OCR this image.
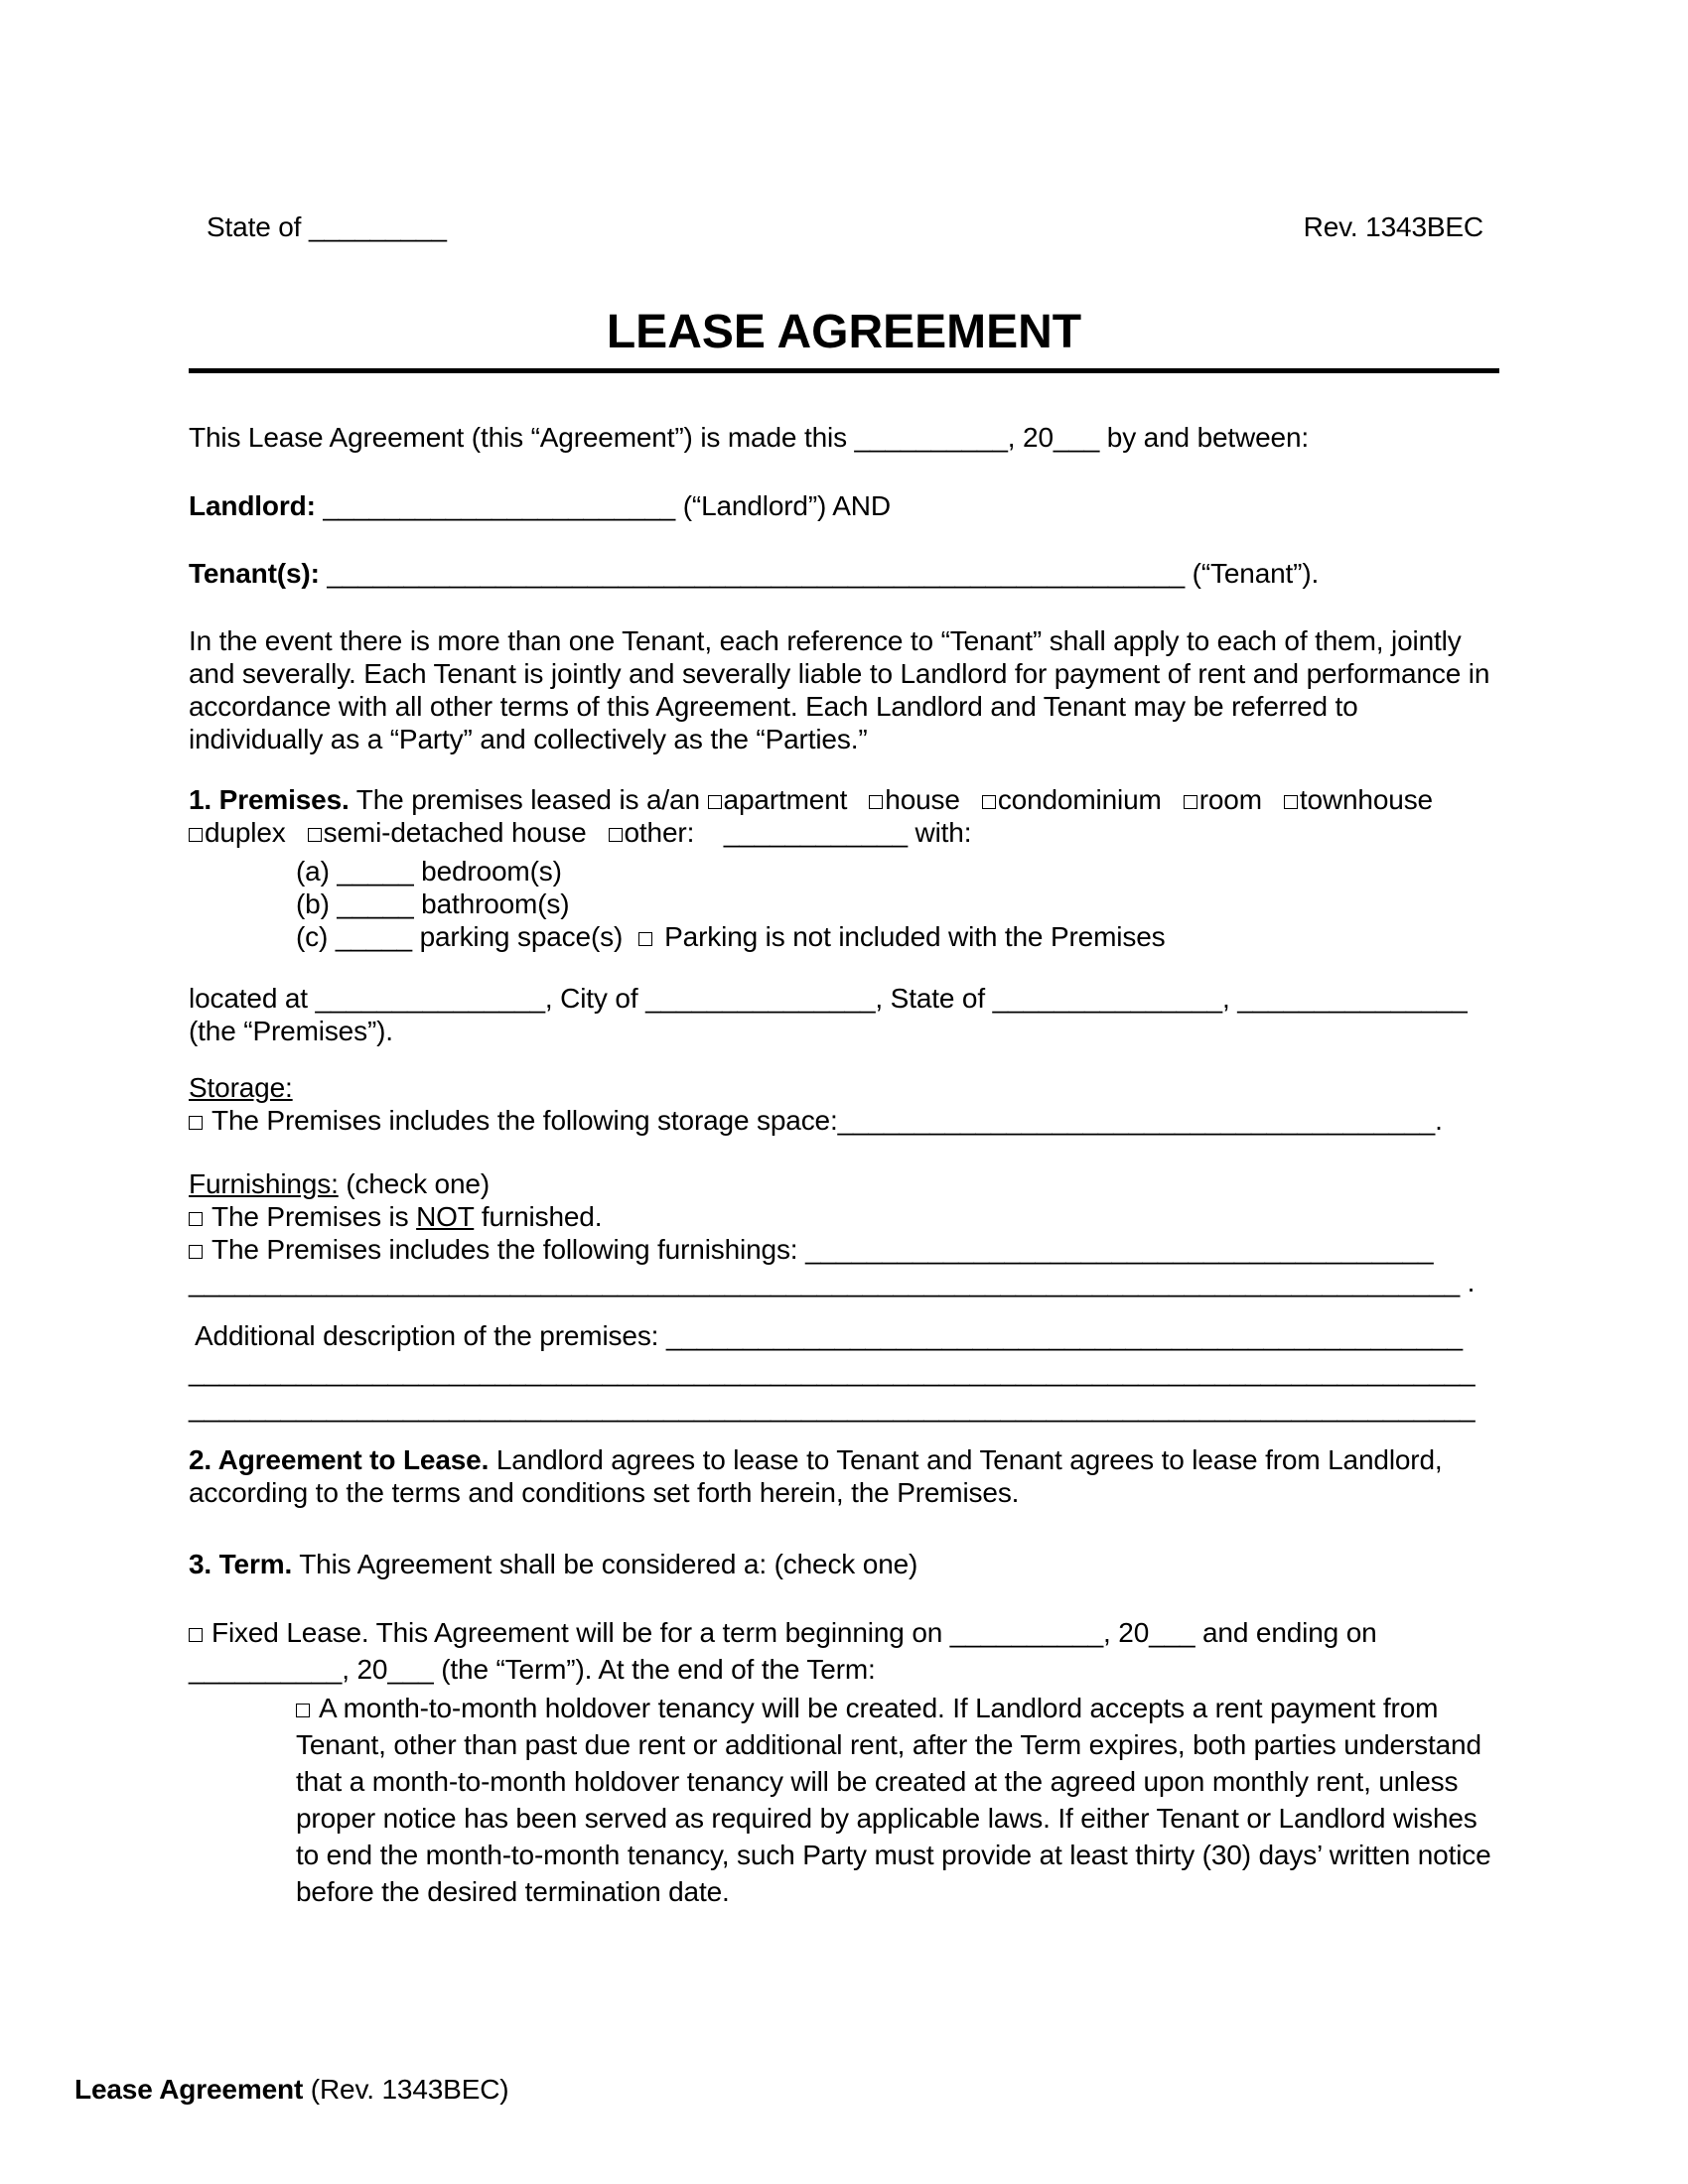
State of _________	Rev. 1343BEC
LEASE AGREEMENT

This Lease Agreement (this “Agreement”) is made this __________, 20___ by and between:

Landlord: _______________________ (“Landlord”) AND

Tenant(s): ________________________________________________________ (“Tenant”).

In the event there is more than one Tenant, each reference to “Tenant” shall apply to each of them, jointly and severally. Each Tenant is jointly and severally liable to Landlord for payment of rent and performance in accordance with all other terms of this Agreement. Each Landlord and Tenant may be referred to individually as a “Party” and collectively as the “Parties.”

1. Premises. The premises leased is a/an apartment house condominium room townhouseduplex semi-detached house other: ____________ with:

(a) _____ bedroom(s)
(b) _____ bathroom(s)
(c) _____ parking space(s) Parking is not included with the Premises

located at _______________, City of _______________, State of _______________, _______________ (the “Premises”).

Storage:
The Premises includes the following storage space:_______________________________________.
Furnishings: (check one)
The Premises is NOT furnished.
The Premises includes the following furnishings: _________________________________________
___________________________________________________________________________________ .
Additional description of the premises: ____________________________________________________
____________________________________________________________________________________
____________________________________________________________________________________

2. Agreement to Lease. Landlord agrees to lease to Tenant and Tenant agrees to lease from Landlord, according to the terms and conditions set forth herein, the Premises.

3. Term. This Agreement shall be considered a: (check one)

Fixed Lease. This Agreement will be for a term beginning on __________, 20___ and ending on __________, 20___ (the “Term”). At the end of the Term:

A month-to-month holdover tenancy will be created. If Landlord accepts a rent payment from Tenant, other than past due rent or additional rent, after the Term expires, both parties understand that a month-to-month holdover tenancy will be created at the agreed upon monthly rent, unless proper notice has been served as required by applicable laws. If either Tenant or Landlord wishes to end the month-to-month tenancy, such Party must provide at least thirty (30) days’ written notice before the desired termination date.

Lease Agreement (Rev. 1343BEC)
